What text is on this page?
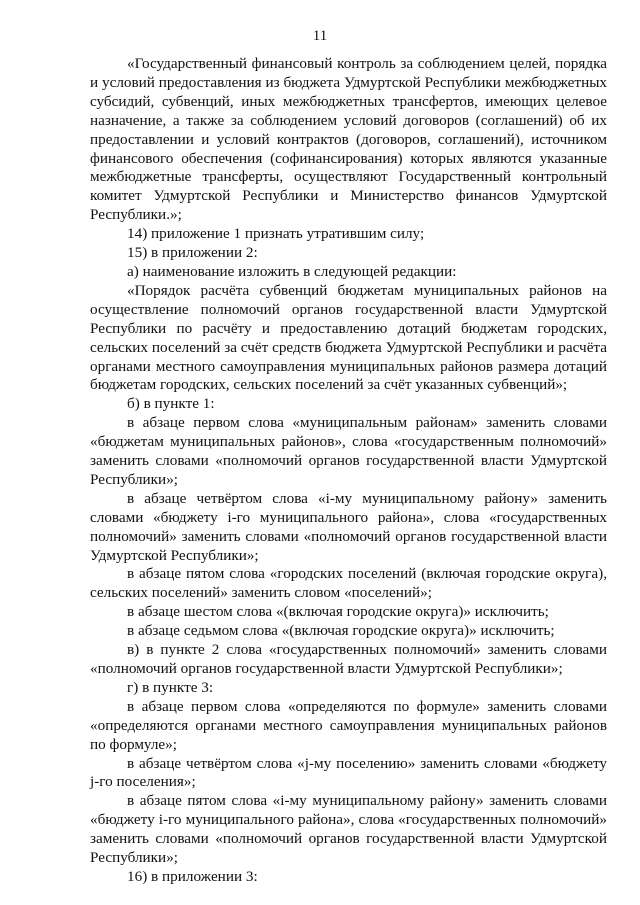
11

«Государственный финансовый контроль за соблюдением целей, порядка и условий предоставления из бюджета Удмуртской Республики межбюджетных субсидий, субвенций, иных межбюджетных трансфертов, имеющих целевое назначение, а также за соблюдением условий договоров (соглашений) об их предоставлении и условий контрактов (договоров, соглашений), источником финансового обеспечения (софинансирования) которых являются указанные межбюджетные трансферты, осуществляют Государственный контрольный комитет Удмуртской Республики и Министерство финансов Удмуртской Республики.»;

14) приложение 1 признать утратившим силу;

15) в приложении 2:

а) наименование изложить в следующей редакции:

«Порядок расчёта субвенций бюджетам муниципальных районов на осуществление полномочий органов государственной власти Удмуртской Республики по расчёту и предоставлению дотаций бюджетам городских, сельских поселений за счёт средств бюджета Удмуртской Республики и расчёта органами местного самоуправления муниципальных районов размера дотаций бюджетам городских, сельских поселений за счёт указанных субвенций»;

б) в пункте 1:

в абзаце первом слова «муниципальным районам» заменить словами «бюджетам муниципальных районов», слова «государственным полномочий» заменить словами «полномочий органов государственной власти Удмуртской Республики»;

в абзаце четвёртом слова «i-му муниципальному району» заменить словами «бюджету i-го муниципального района», слова «государственных полномочий» заменить словами «полномочий органов государственной власти Удмуртской Республики»;

в абзаце пятом слова «городских поселений (включая городские округа), сельских поселений» заменить словом «поселений»;

в абзаце шестом слова «(включая городские округа)» исключить;

в абзаце седьмом слова «(включая городские округа)» исключить;

в) в пункте 2 слова «государственных полномочий» заменить словами «полномочий органов государственной власти Удмуртской Республики»;

г) в пункте 3:

в абзаце первом слова «определяются по формуле» заменить словами «определяются органами местного самоуправления муниципальных районов по формуле»;

в абзаце четвёртом слова «j-му поселению» заменить словами «бюджету j-го поселения»;

в абзаце пятом слова «i-му муниципальному району» заменить словами «бюджету i-го муниципального района», слова «государственных полномочий» заменить словами «полномочий органов государственной власти Удмуртской Республики»;

16) в приложении 3:
